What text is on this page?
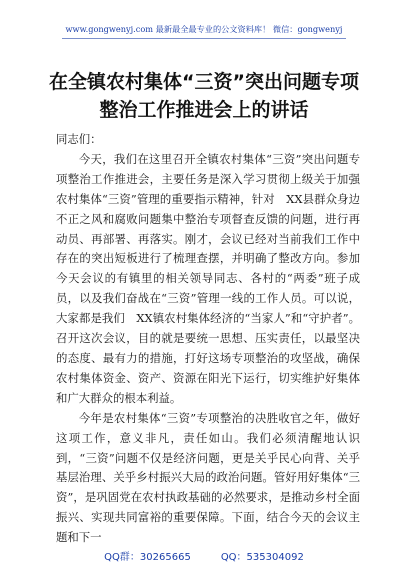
www.gongwenyj.com 最新最全最专业的公文资料库！ 微信：gongwenyj
在全镇农村集体“三资”突出问题专项整治工作推进会上的讲话

同志们：

今天，我们在这里召开全镇农村集体“三资”突出问题专项整治工作推进会，主要任务是深入学习贯彻上级关于加强农村集体“三资”管理的重要指示精神，针对　XX县群众身边不正之风和腐败问题集中整治专项督查反馈的问题，进行再动员、再部署、再落实。刚才，会议已经对当前我们工作中存在的突出短板进行了梳理查摆，并明确了整改方向。参加今天会议的有镇里的相关领导同志、各村的“两委”班子成员，以及我们奋战在“三资”管理一线的工作人员。可以说，大家都是我们　XX镇农村集体经济的“当家人”和“守护者”。召开这次会议，目的就是要统一思想、压实责任，以最坚决的态度、最有力的措施，打好这场专项整治的攻坚战，确保农村集体资金、资产、资源在阳光下运行，切实维护好集体和广大群众的根本利益。

今年是农村集体“三资”专项整治的决胜收官之年，做好这项工作，意义非凡，责任如山。我们必须清醒地认识到，“三资”问题不仅是经济问题，更是关乎民心向背、关乎基层治理、关乎乡村振兴大局的政治问题。管好用好集体“三资”，是巩固党在农村执政基础的必然要求，是推动乡村全面振兴、实现共同富裕的重要保障。下面，结合今天的会议主题和下一

QQ群：30265665	QQ：535304092
